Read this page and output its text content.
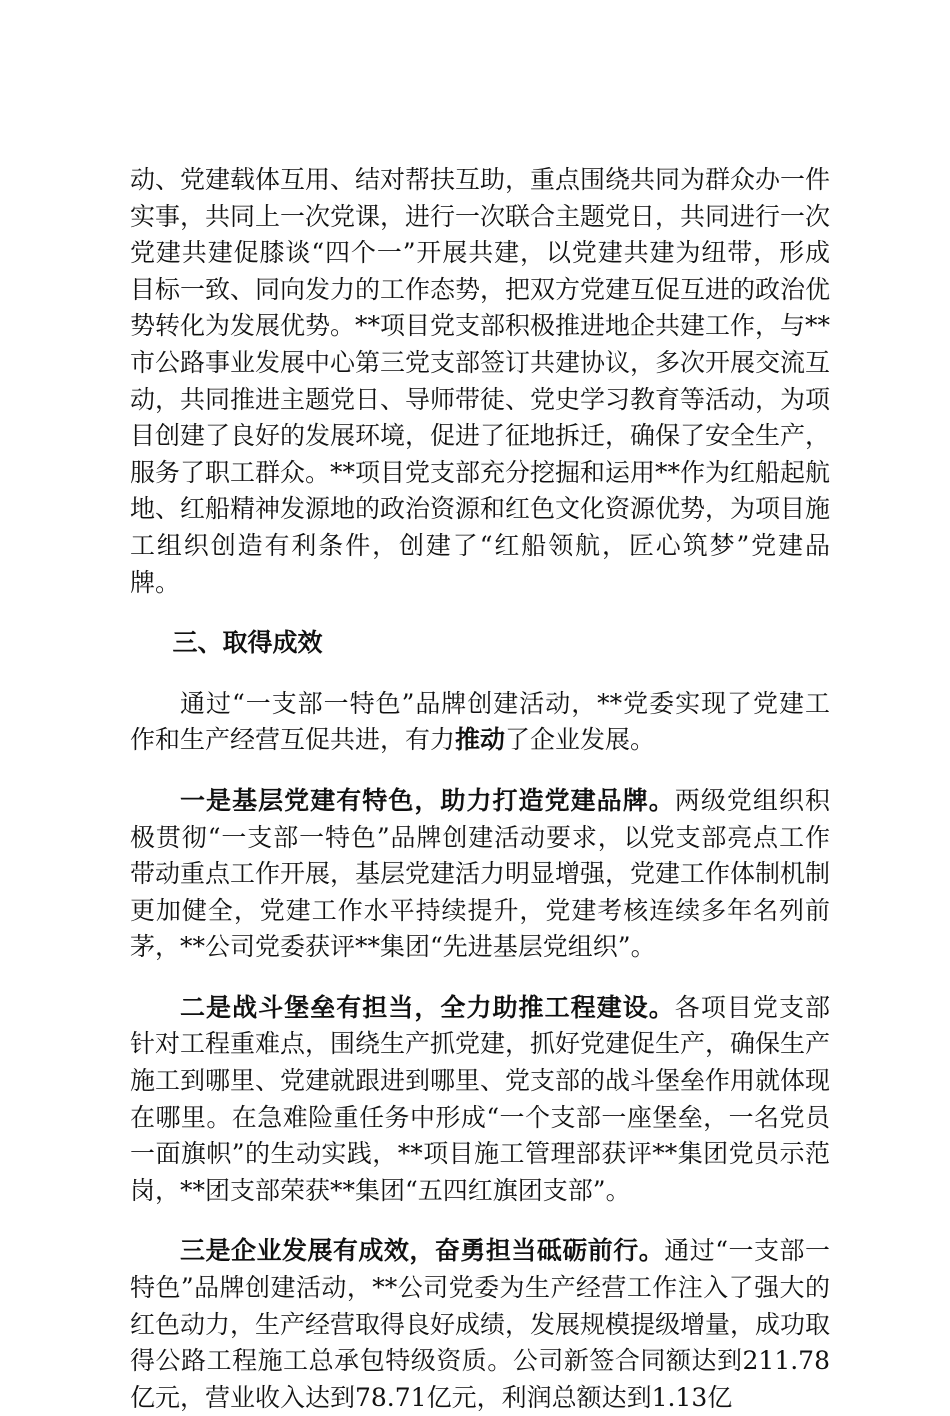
动、党建载体互用、结对帮扶互助，重点围绕共同为群众办一件实事，共同上一次党课，进行一次联合主题党日，共同进行一次党建共建促膝谈“四个一”开展共建，以党建共建为纽带，形成目标一致、同向发力的工作态势，把双方党建互促互进的政治优势转化为发展优势。**项目党支部积极推进地企共建工作，与**市公路事业发展中心第三党支部签订共建协议，多次开展交流互动，共同推进主题党日、导师带徒、党史学习教育等活动，为项目创建了良好的发展环境，促进了征地拆迁，确保了安全生产，服务了职工群众。**项目党支部充分挖掘和运用**作为红船起航地、红船精神发源地的政治资源和红色文化资源优势，为项目施工组织创造有利条件，创建了“红船领航，匠心筑梦”党建品牌。

三、取得成效

通过“一支部一特色”品牌创建活动，**党委实现了党建工作和生产经营互促共进，有力推动了企业发展。

一是基层党建有特色，助力打造党建品牌。两级党组织积极贯彻“一支部一特色”品牌创建活动要求，以党支部亮点工作带动重点工作开展，基层党建活力明显增强，党建工作体制机制更加健全，党建工作水平持续提升，党建考核连续多年名列前茅，**公司党委获评**集团“先进基层党组织”。

二是战斗堡垒有担当，全力助推工程建设。各项目党支部针对工程重难点，围绕生产抓党建，抓好党建促生产，确保生产施工到哪里、党建就跟进到哪里、党支部的战斗堡垒作用就体现在哪里。在急难险重任务中形成“一个支部一座堡垒，一名党员一面旗帜”的生动实践，**项目施工管理部获评**集团党员示范岗，**团支部荣获**集团“五四红旗团支部”。

三是企业发展有成效，奋勇担当砥砺前行。通过“一支部一特色”品牌创建活动，**公司党委为生产经营工作注入了强大的红色动力，生产经营取得良好成绩，发展规模提级增量，成功取得公路工程施工总承包特级资质。公司新签合同额达到211.78亿元，营业收入达到78.71亿元，利润总额达到1.13亿
